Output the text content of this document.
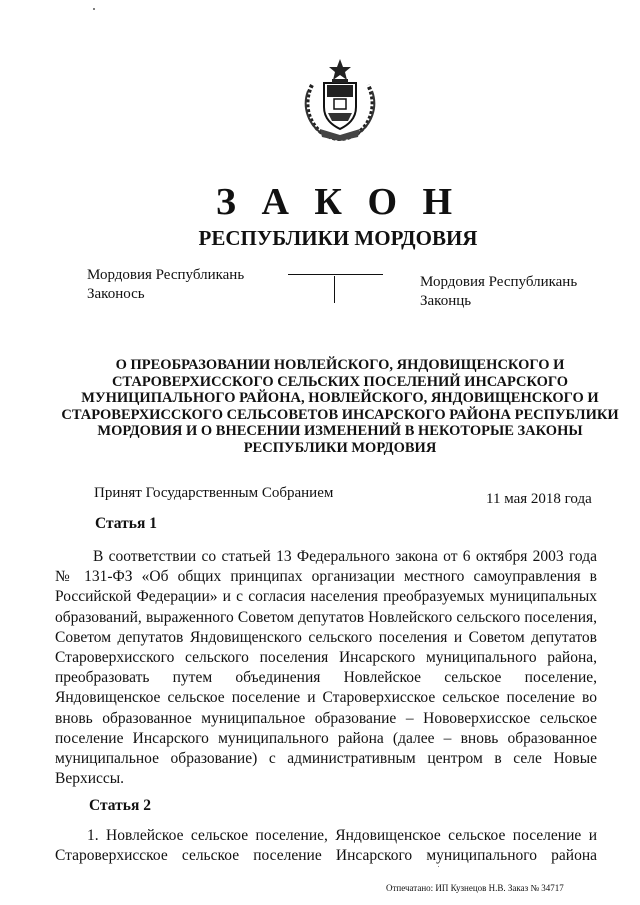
З А К О Н
РЕСПУБЛИКИ МОРДОВИЯ
Мордовия Республикань
Законось
Мордовия Республикань
Законць
О ПРЕОБРАЗОВАНИИ НОВЛЕЙСКОГО, ЯНДОВИЩЕНСКОГО И
СТАРОВЕРХИССКОГО СЕЛЬСКИХ ПОСЕЛЕНИЙ ИНСАРСКОГО
МУНИЦИПАЛЬНОГО РАЙОНА, НОВЛЕЙСКОГО, ЯНДОВИЩЕНСКОГО И
СТАРОВЕРХИССКОГО СЕЛЬСОВЕТОВ ИНСАРСКОГО РАЙОНА РЕСПУБЛИКИ
МОРДОВИЯ И О ВНЕСЕНИИ ИЗМЕНЕНИЙ В НЕКОТОРЫЕ ЗАКОНЫ
РЕСПУБЛИКИ МОРДОВИЯ
Принят Государственным Собранием	11 мая 2018 года
Статья 1
В соответствии со статьей 13 Федерального закона от 6 октября 2003 года
№ 131-ФЗ «Об общих принципах организации местного самоуправления в
Российской Федерации» и с согласия населения преобразуемых муниципальных
образований, выраженного Советом депутатов Новлейского сельского поселения,
Советом депутатов Яндовищенского сельского поселения и Советом депутатов
Староверхисского сельского поселения Инсарского муниципального района,
преобразовать путем объединения Новлейское сельское поселение,
Яндовищенское сельское поселение и Староверхисское сельское поселение во
вновь образованное муниципальное образование – Нововерхисское сельское
поселение Инсарского муниципального района (далее – вновь образованное
муниципальное образование) с административным центром в селе Новые
Верхиссы.
Статья 2
1. Новлейское сельское поселение, Яндовищенское сельское поселение и
Староверхисское сельское поселение Инсарского муниципального района
Отпечатано: ИП Кузнецов Н.В. Заказ № 34717
